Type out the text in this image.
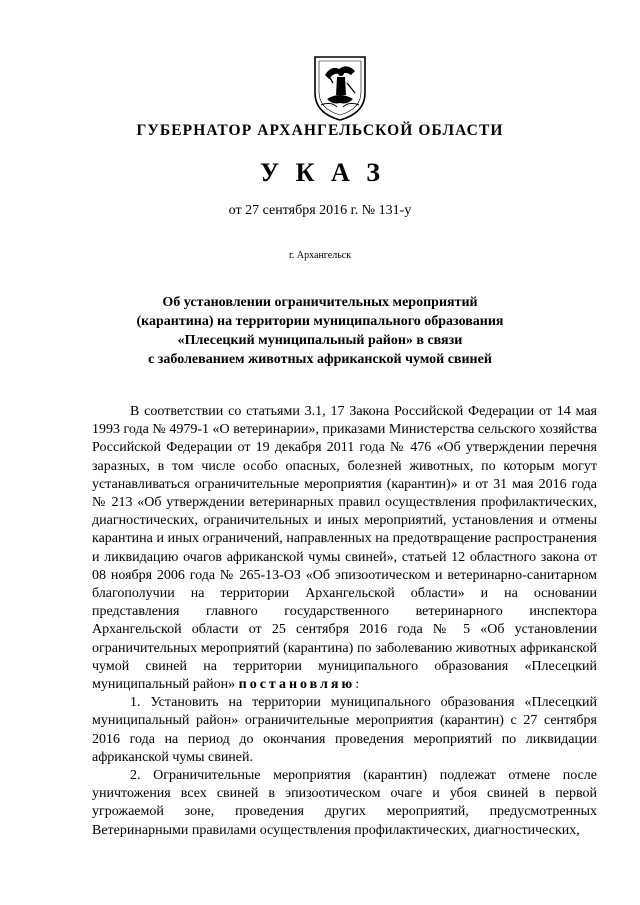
ГУБЕРНАТОР АРХАНГЕЛЬСКОЙ ОБЛАСТИ
У К А З
от 27 сентября 2016 г. № 131-у
г. Архангельск
Об установлении ограничительных мероприятий
(карантина) на территории муниципального образования
«Плесецкий муниципальный район» в связи
с заболеванием животных африканской чумой свиней

В соответствии со статьями 3.1, 17 Закона Российской Федерации от 14 мая 1993 года № 4979-1 «О ветеринарии», приказами Министерства сельского хозяйства Российской Федерации от 19 декабря 2011 года № 476 «Об утверждении перечня заразных, в том числе особо опасных, болезней животных, по которым могут устанавливаться ограничительные мероприятия (карантин)» и от 31 мая 2016 года № 213 «Об утверждении ветеринарных правил осуществления профилактических, диагностических, ограничительных и иных мероприятий, установления и отмены карантина и иных ограничений, направленных на предотвращение распространения и ликвидацию очагов африканской чумы свиней», статьей 12 областного закона от 08 ноября 2006 года № 265-13-ОЗ «Об эпизоотическом и ветеринарно-санитарном благополучии на территории Архангельской области» и на основании представления главного государственного ветеринарного инспектора Архангельской области от 25 сентября 2016 года № 5 «Об установлении ограничительных мероприятий (карантина) по заболеванию животных африканской чумой свиней на территории муниципального образования «Плесецкий муниципальный район» постановляю:

1. Установить на территории муниципального образования «Плесецкий муниципальный район» ограничительные мероприятия (карантин) с 27 сентября 2016 года на период до окончания проведения мероприятий по ликвидации африканской чумы свиней.

2. Ограничительные мероприятия (карантин) подлежат отмене после уничтожения всех свиней в эпизоотическом очаге и убоя свиней в первой угрожаемой зоне, проведения других мероприятий, предусмотренных Ветеринарными правилами осуществления профилактических, диагностических,
